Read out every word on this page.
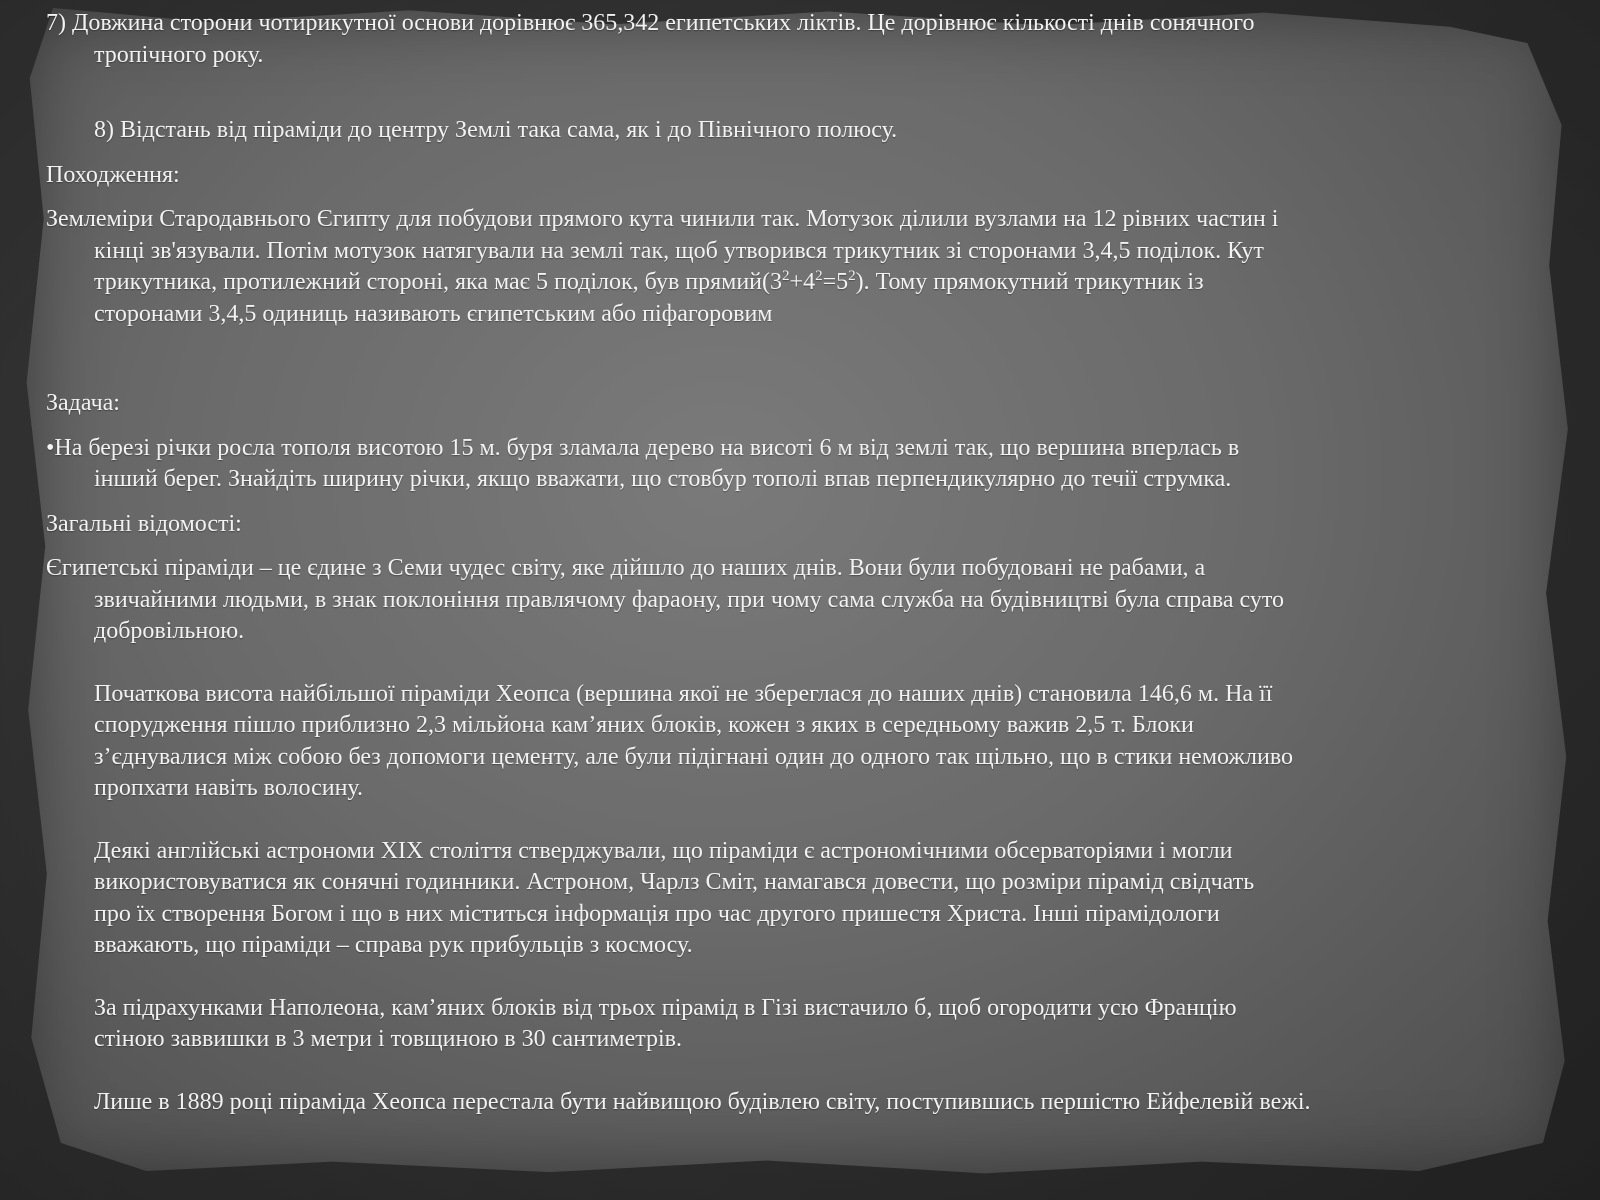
7) Довжина сторони чотирикутної основи дорівнює 365,342 египетських ліктів. Це дорівнює кількості днів сонячного
тропічного року.
8) Відстань від піраміди до центру Землі така сама, як і до Північного полюсу.
Походження:
Землеміри Стародавнього Єгипту для побудови прямого кута чинили так. Мотузок ділили вузлами на 12 рівних частин і
кінці зв'язували. Потім мотузок натягували на землі так, щоб утворився трикутник зі сторонами 3,4,5 поділок. Кут
трикутника, протилежний стороні, яка має 5 поділок, був $прямий(3^2+4^2=5^2)$. Тому прямокутний трикутник із
сторонами 3,4,5 одиниць називають єгипетським або піфагоровим
Задача:
•На березі річки росла тополя висотою 15 м. буря зламала дерево на висоті 6 м від землі так, що вершина вперлась в
інший берег. Знайдіть ширину річки, якщо вважати, що стовбур тополі впав перпендикулярно до течії струмка.
Загальні відомості:
Єгипетські піраміди – це єдине з Семи чудес світу, яке дійшло до наших днів. Вони були побудовані не рабами, а
звичайними людьми, в знак поклоніння правлячому фараону, при чому сама служба на будівництві була справа суто
добровільною.
Початкова висота найбільшої піраміди Хеопса (вершина якої не збереглася до наших днів) становила 146,6 м. На її
спорудження пішло приблизно 2,3 мільйона кам’яних блоків, кожен з яких в середньому важив 2,5 т. Блоки
з’єднувалися між собою без допомоги цементу, але були підігнані один до одного так щільно, що в стики неможливо
пропхати навіть волосину.
Деякі англійські астрономи XIX століття стверджували, що піраміди є астрономічними обсерваторіями і могли
використовуватися як сонячні годинники. Астроном, Чарлз Сміт, намагався довести, що розміри пірамід свідчать
про їх створення Богом і що в них міститься інформація про час другого пришестя Христа. Інші пірамідологи
вважають, що піраміди – справа рук прибульців з космосу.
За підрахунками Наполеона, кам’яних блоків від трьох пірамід в Гізі вистачило б, щоб огородити усю Францію
стіною заввишки в 3 метри і товщиною в 30 сантиметрів.
Лише в 1889 році піраміда Хеопса перестала бути найвищою будівлею світу, поступившись першістю Ейфелевій вежі.
